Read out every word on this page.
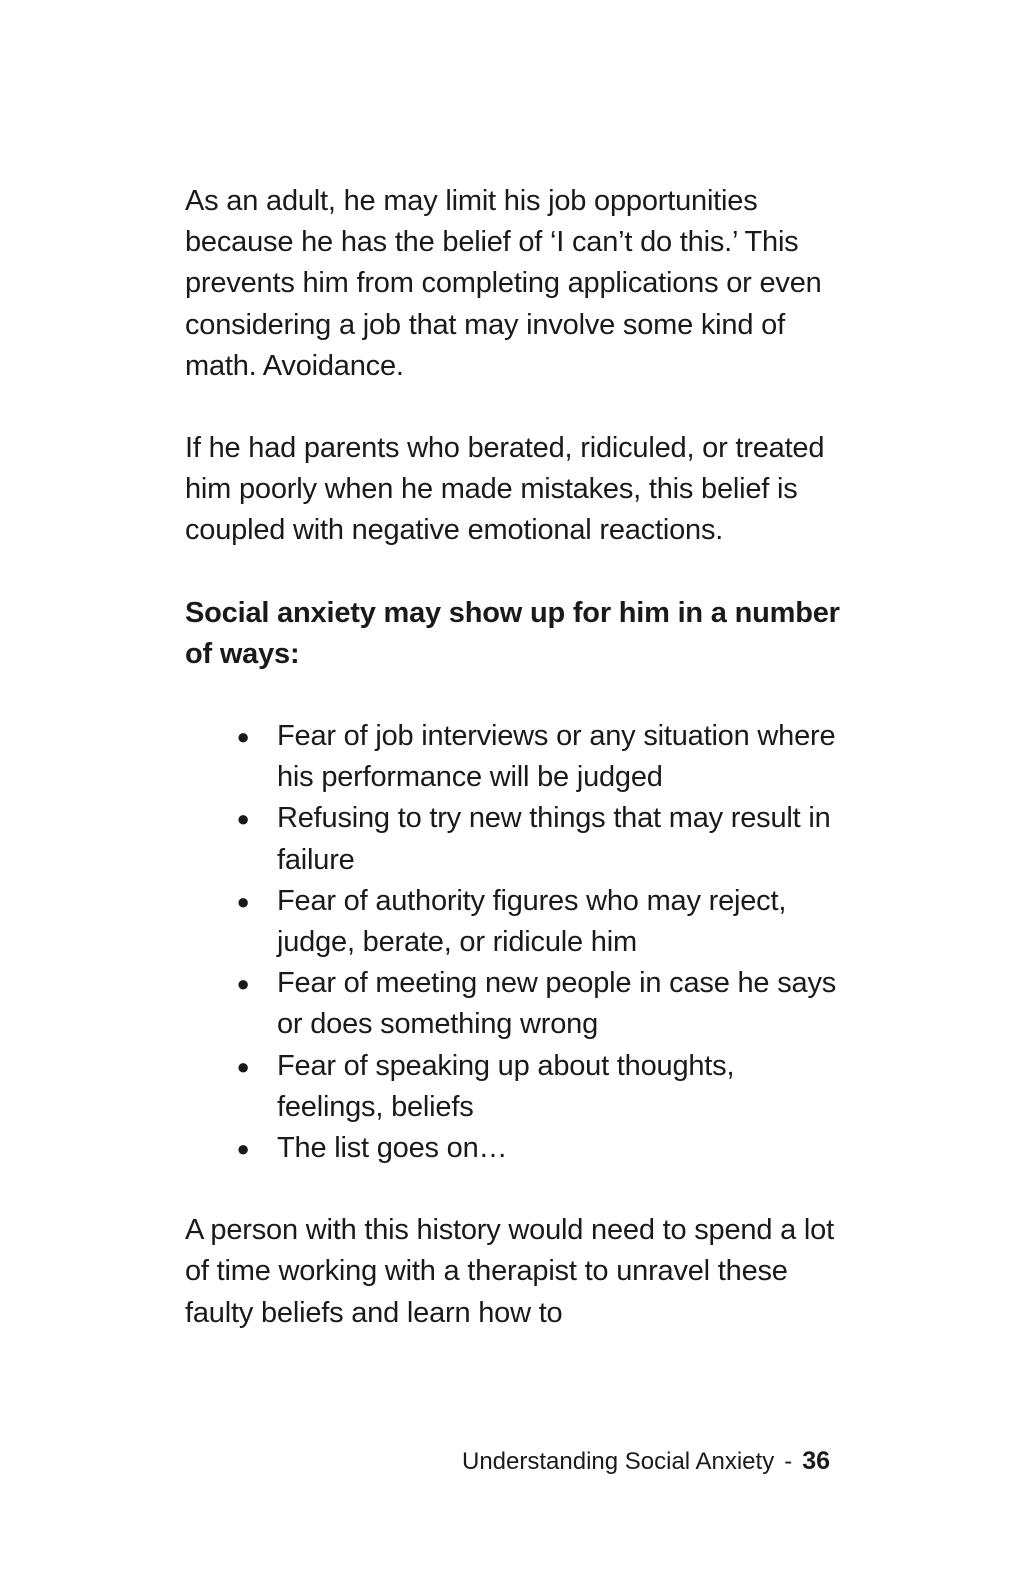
As an adult, he may limit his job opportunities because he has the belief of ‘I can’t do this.’ This prevents him from completing applications or even considering a job that may involve some kind of math. Avoidance.

If he had parents who berated, ridiculed, or treated him poorly when he made mistakes, this belief is coupled with negative emotional reactions.

Social anxiety may show up for him in a number of ways:

● Fear of job interviews or any situation where his performance will be judged
● Refusing to try new things that may result in failure
● Fear of authority figures who may reject, judge, berate, or ridicule him
● Fear of meeting new people in case he says or does something wrong
● Fear of speaking up about thoughts, feelings, beliefs
● The list goes on…

A person with this history would need to spend a lot of time working with a therapist to unravel these faulty beliefs and learn how to

Understanding Social Anxiety - 36
